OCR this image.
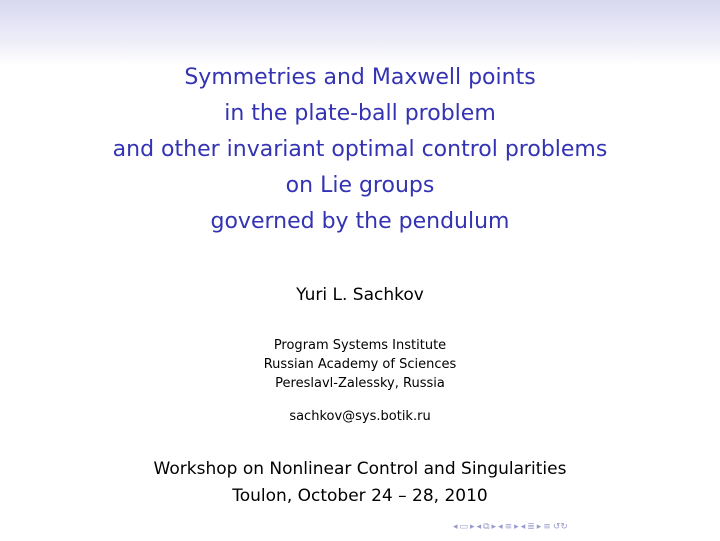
Symmetries and Maxwell points
in the plate-ball problem
and other invariant optimal control problems
on Lie groups
governed by the pendulum
Yuri L. Sachkov
Program Systems Institute
Russian Academy of Sciences
Pereslavl-Zalessky, Russia
sachkov@sys.botik.ru
Workshop on Nonlinear Control and Singularities
Toulon, October 24 – 28, 2010
◂ ▭ ▸ ◂ ⧉ ▸ ◂ ≡ ▸ ◂ ≣ ▸ ≡ ↺↻
